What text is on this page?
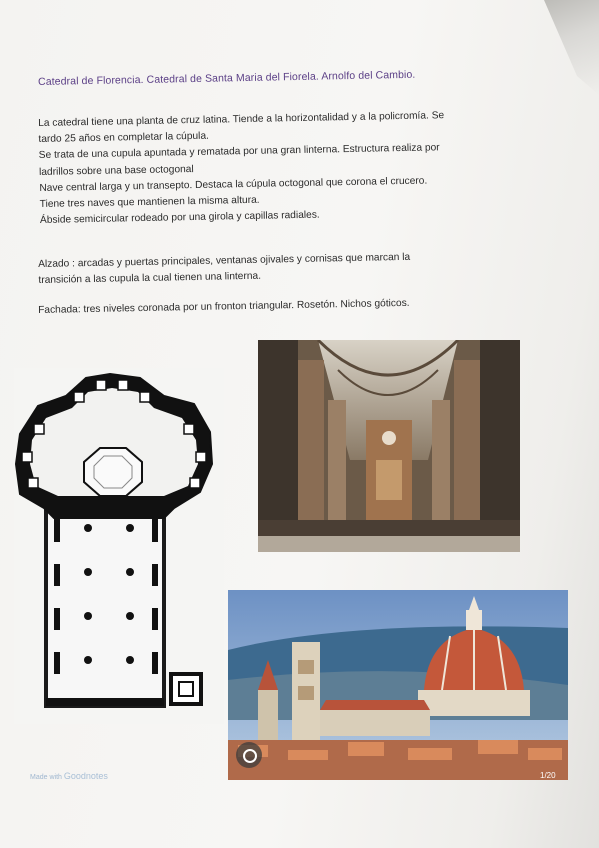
Catedral de Florencia. Catedral de Santa Maria del Fiorela. Arnolfo del Cambio.

La catedral tiene una planta de cruz latina. Tiende a la horizontalidad y a la policromía. Se

tardo 25 años en completar la cúpula.

Se trata de una cupula apuntada y rematada por una gran linterna. Estructura realiza por

ladrillos sobre una base octogonal

Nave central larga y un transepto. Destaca la cúpula octogonal que corona el crucero.

Tiene tres naves que mantienen la misma altura.

Ábside semicircular rodeado por una girola y capillas radiales.

Alzado : arcadas y puertas principales, ventanas ojivales y cornisas que marcan la

transición a las cupula la cual tienen una linterna.

Fachada: tres niveles coronada por un fronton triangular. Rosetón. Nichos góticos.

1/20
Made with Goodnotes
